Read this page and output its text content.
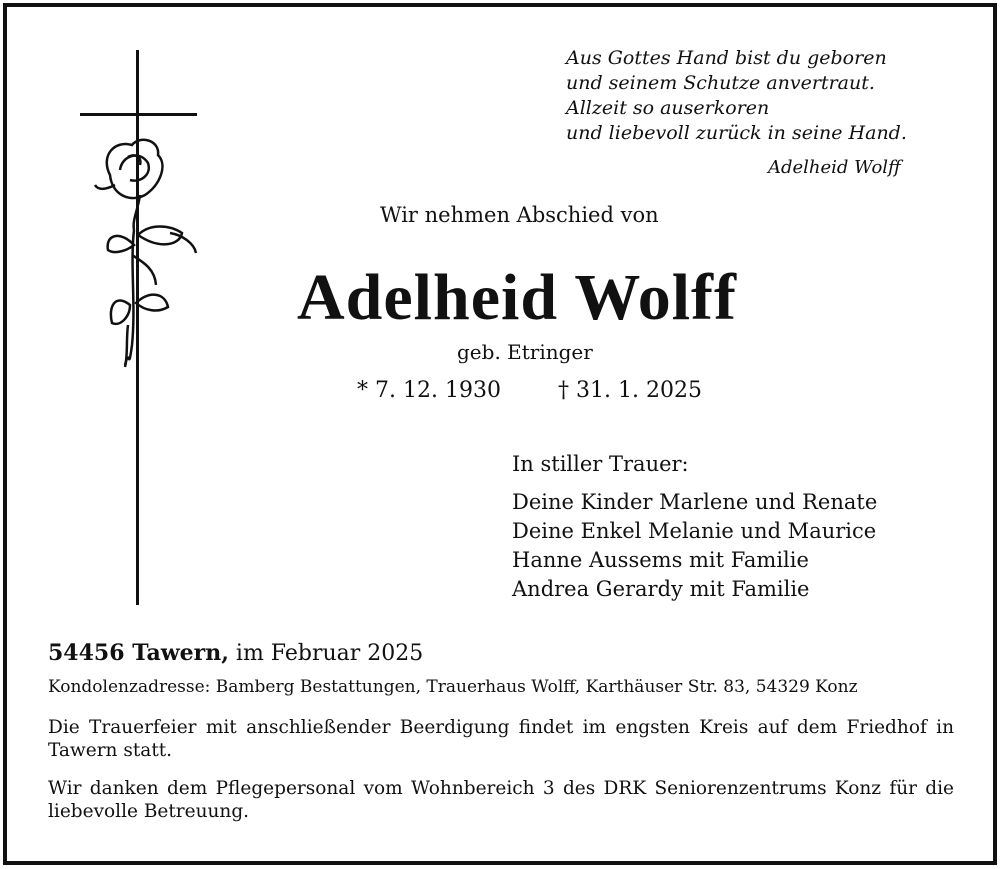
Aus Gottes Hand bist du geboren
und seinem Schutze anvertraut.
Allzeit so auserkoren
und liebevoll zurück in seine Hand.
Adelheid Wolff
Wir nehmen Abschied von
Adelheid Wolff
geb. Etringer
* 7. 12. 1930	† 31. 1. 2025
In stiller Trauer:
Deine Kinder Marlene und Renate
Deine Enkel Melanie und Maurice
Hanne Aussems mit Familie
Andrea Gerardy mit Familie
54456 Tawern, im Februar 2025
Kondolenzadresse: Bamberg Bestattungen, Trauerhaus Wolff, Karthäuser Str. 83, 54329 Konz
Die Trauerfeier mit anschließender Beerdigung findet im engsten Kreis auf dem Friedhof in Tawern statt.
Wir danken dem Pflegepersonal vom Wohnbereich 3 des DRK Seniorenzentrums Konz für die liebevolle Betreuung.
